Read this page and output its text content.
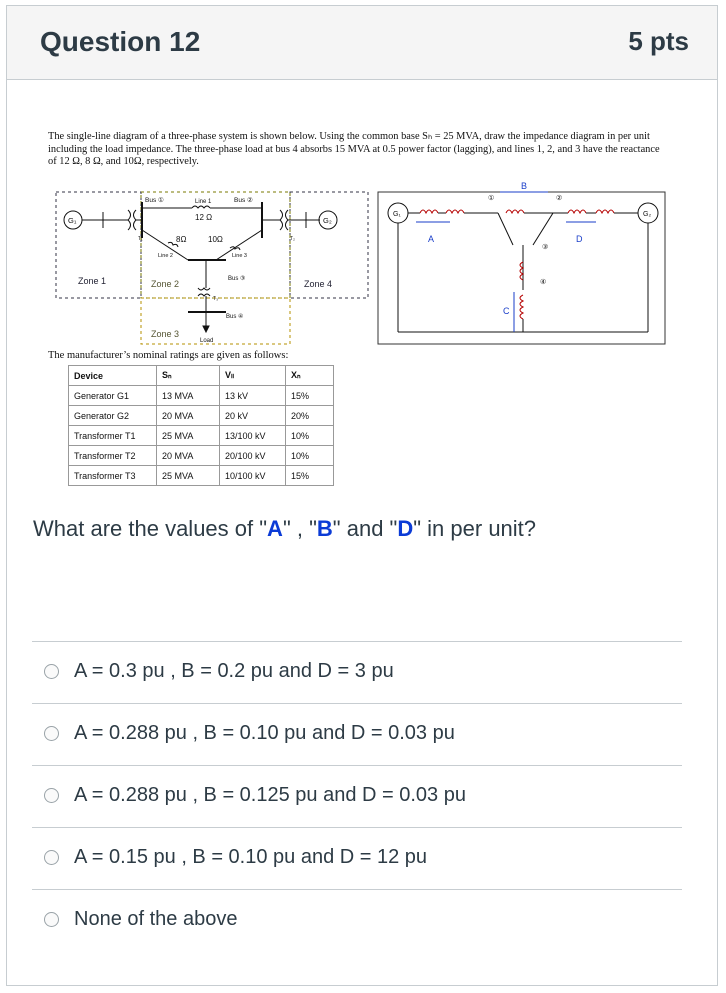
Question 12	5 pts
The single-line diagram of a three-phase system is shown below. Using the common base Sₕ = 25 MVA, draw the impedance diagram in per unit including the load impedance. The three-phase load at bus 4 absorbs 15 MVA at 0.5 power factor (lagging), and lines 1, 2, and 3 have the reactance of 12 Ω, 8 Ω, and 10Ω, respectively.
G₁	G₂
Bus ①	Bus ②
Line 1
12 Ω
8Ω	10Ω
Line 2	Line 3
Bus ③
Bus ④
T₁	T₂
T₃
Load
Zone 1	Zone 2
Zone 3
Zone 4
G₁	G₂
A
B
D
C
①	②
③
④
The manufacturer’s nominal ratings are given as follows:
Device	Sₙ	Vₗₗ	Xₙ
Generator G1	13 MVA	13 kV	15%
Generator G2	20 MVA	20 kV	20%
Transformer T1	25 MVA	13/100 kV	10%
Transformer T2	20 MVA	20/100 kV	10%
Transformer T3	25 MVA	10/100 kV	15%
What are the values of "A" , "B" and "D" in per unit?
A = 0.3 pu , B = 0.2 pu and D = 3 pu
A = 0.288 pu , B = 0.10 pu and D = 0.03 pu
A = 0.288 pu , B = 0.125 pu and D = 0.03 pu
A = 0.15 pu , B = 0.10 pu and D = 12 pu
None of the above
